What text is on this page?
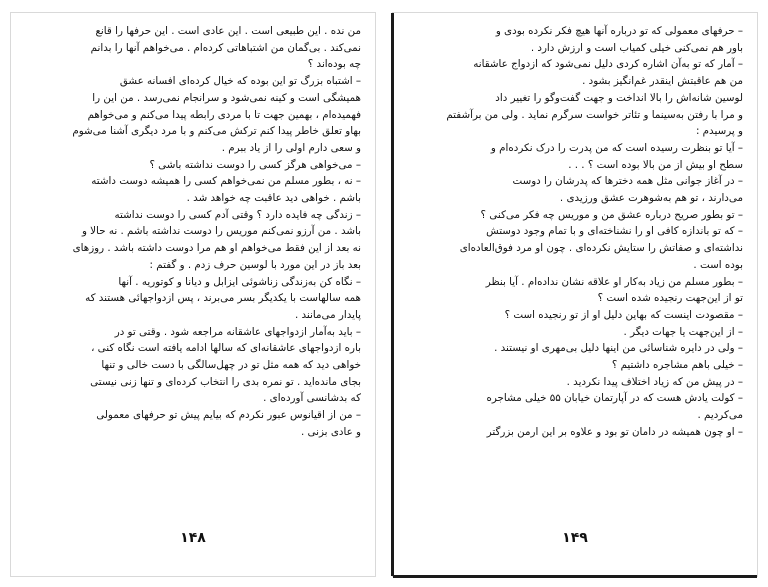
من نده . این طبیعی است . این عادی است . این حرفها را قانع
نمی‌کند . بی‌گمان من اشتباهاتی کرده‌ام . می‌خواهم آنها را بدانم
چه بوده‌اند ؟
– اشتباه بزرگ تو این بوده که خیال کرده‌ای افسانه عشق
همیشگی است و کینه نمی‌شود و سرانجام نمی‌رسد . من این را
فهمیده‌ام ، بهمین جهت تا با مردی رابطه پیدا می‌کنم و می‌خواهم
بهاو تعلق خاطر پیدا کنم ترکش می‌کنم و با مرد دیگری آشنا می‌شوم
و سعی دارم اولی را از یاد ببرم .
– می‌خواهی هرگز کسی را دوست نداشته باشی ؟
– نه ، بطور مسلم من نمی‌خواهم کسی را همیشه دوست داشته
باشم . خواهی دید عاقبت چه خواهد شد .
– زندگی چه فایده دارد ؟ وقتی آدم کسی را دوست نداشته
باشد . من آرزو نمی‌کنم موریس را دوست نداشته باشم . نه حالا و
نه بعد از این فقط می‌خواهم او هم مرا دوست داشته باشد . روزهای
بعد باز در این مورد با لوسین حرف زدم . و گفتم :
– نگاه کن به‌زندگی زناشوئی ایزابل و دیانا و کوتوریه . آنها
همه سالهاست با یکدیگر بسر می‌برند ، پس ازدواجهائی هستند که
پایدار می‌مانند .
– باید به‌آمار ازدواجهای عاشقانه مراجعه شود . وقتی تو در
باره ازدواجهای عاشقانه‌ای که سالها ادامه یافته است نگاه کنی ،
خواهی دید که همه مثل تو در چهل‌سالگی با دست خالی و تنها
بجای مانده‌اید . تو نمره بدی را انتخاب کرده‌ای و تنها زنی نیستی
که بدشانسی آورده‌ای .
– من از اقیانوس عبور نکردم که بیایم پیش تو حرفهای معمولی
و عادی بزنی .
۱۴۸
– حرفهای معمولی که تو درباره آنها هیچ فکر نکرده بودی و
باور هم نمی‌کنی خیلی کمیاب است و ارزش دارد .
– آمار که تو به‌آن اشاره کردی دلیل نمی‌شود که ازدواج عاشقانه
من هم عاقبتش اینقدر غم‌انگیز بشود .
لوسین شانه‌اش را بالا انداخت و جهت گفت‌وگو را تغییر داد
و مرا با رفتن به‌سینما و تئاتر خواست سرگرم نماید . ولی من برآشفتم
و پرسیدم :
– آیا تو بنظرت رسیده است که من پدرت را درک نکرده‌ام و
سطح او بیش از من بالا بوده است ؟ . . .
– در آغاز جوانی مثل همه دخترها که پدرشان را دوست
می‌دارند ، تو هم به‌شوهرت عشق ورزیدی .
– تو بطور صریح درباره عشق من و موریس چه فکر می‌کنی ؟
– که تو باندازه کافی او را نشناخته‌ای و با تمام وجود دوستش
نداشته‌ای و صفاتش را ستایش نکرده‌ای . چون او مرد فوق‌العاده‌ای
بوده است .
– بطور مسلم من زیاد به‌کار او علاقه نشان نداده‌ام . آیا بنظر
تو از این‌جهت رنجیده شده است ؟
– مقصودت اینست که بهاین دلیل او از تو رنجیده است ؟
– از این‌جهت یا جهات دیگر .
– ولی در دایره شناسائی من اینها دلیل بی‌مهری او نیستند .
– خیلی باهم مشاجره داشتیم ؟
– در پیش من که زیاد اختلاف پیدا نکردید .
– کولت یادش هست که در آپارتمان خیابان ۵۵ خیلی مشاجره
می‌کردیم .
– او چون همیشه در دامان تو بود و علاوه بر این ارمن بزرگتر
۱۴۹
